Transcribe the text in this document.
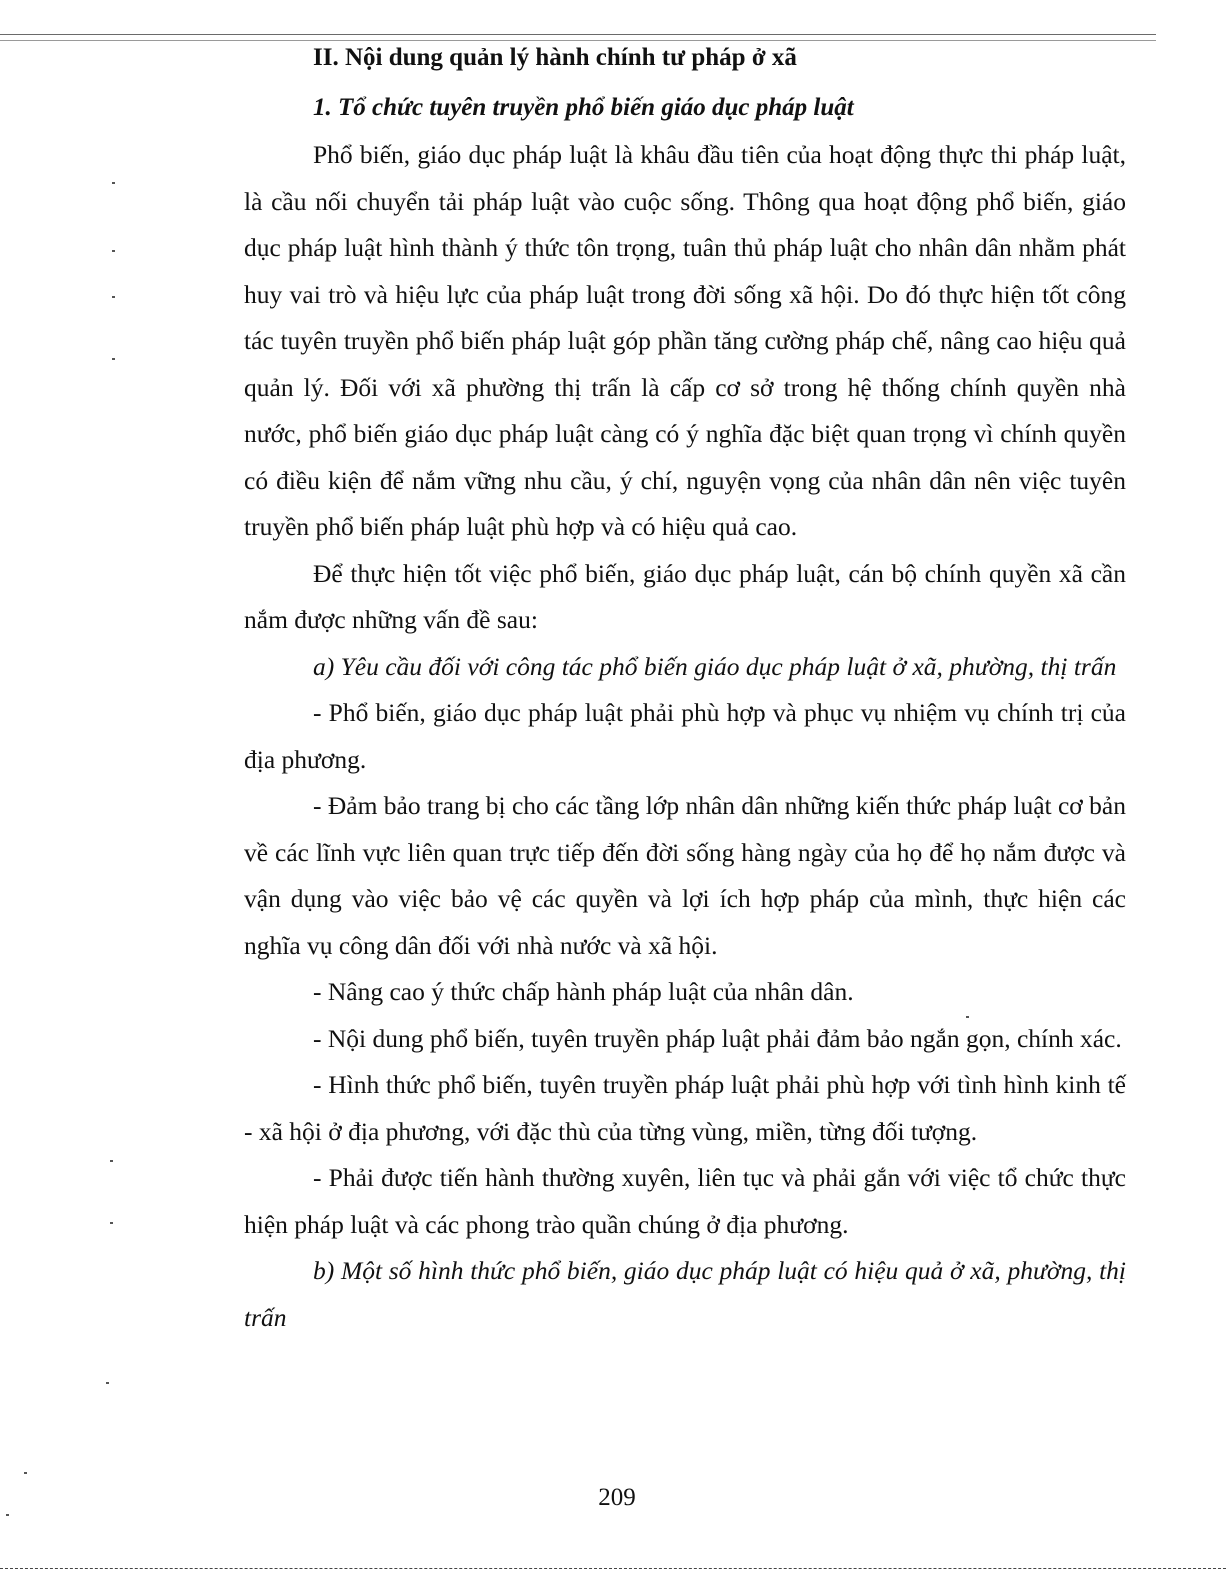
II. Nội dung quản lý hành chính tư pháp ở xã
1. Tổ chức tuyên truyền phổ biến giáo dục pháp luật

Phổ biến, giáo dục pháp luật là khâu đầu tiên của hoạt động thực thi pháp luật, là cầu nối chuyển tải pháp luật vào cuộc sống. Thông qua hoạt động phổ biến, giáo dục pháp luật hình thành ý thức tôn trọng, tuân thủ pháp luật cho nhân dân nhằm phát huy vai trò và hiệu lực của pháp luật trong đời sống xã hội. Do đó thực hiện tốt công tác tuyên truyền phổ biến pháp luật góp phần tăng cường pháp chế, nâng cao hiệu quả quản lý. Đối với xã phường thị trấn là cấp cơ sở trong hệ thống chính quyền nhà nước, phổ biến giáo dục pháp luật càng có ý nghĩa đặc biệt quan trọng vì chính quyền có điều kiện để nắm vững nhu cầu, ý chí, nguyện vọng của nhân dân nên việc tuyên truyền phổ biến pháp luật phù hợp và có hiệu quả cao.

Để thực hiện tốt việc phổ biến, giáo dục pháp luật, cán bộ chính quyền xã cần nắm được những vấn đề sau:

a) Yêu cầu đối với công tác phổ biến giáo dục pháp luật ở xã, phường, thị trấn

- Phổ biến, giáo dục pháp luật phải phù hợp và phục vụ nhiệm vụ chính trị của địa phương.

- Đảm bảo trang bị cho các tầng lớp nhân dân những kiến thức pháp luật cơ bản về các lĩnh vực liên quan trực tiếp đến đời sống hàng ngày của họ để họ nắm được và vận dụng vào việc bảo vệ các quyền và lợi ích hợp pháp của mình, thực hiện các nghĩa vụ công dân đối với nhà nước và xã hội.

- Nâng cao ý thức chấp hành pháp luật của nhân dân.

- Nội dung phổ biến, tuyên truyền pháp luật phải đảm bảo ngắn gọn, chính xác.

- Hình thức phổ biến, tuyên truyền pháp luật phải phù hợp với tình hình kinh tế - xã hội ở địa phương, với đặc thù của từng vùng, miền, từng đối tượng.

- Phải được tiến hành thường xuyên, liên tục và phải gắn với việc tổ chức thực hiện pháp luật và các phong trào quần chúng ở địa phương.

b) Một số hình thức phổ biến, giáo dục pháp luật có hiệu quả ở xã, phường, thị trấn

209
